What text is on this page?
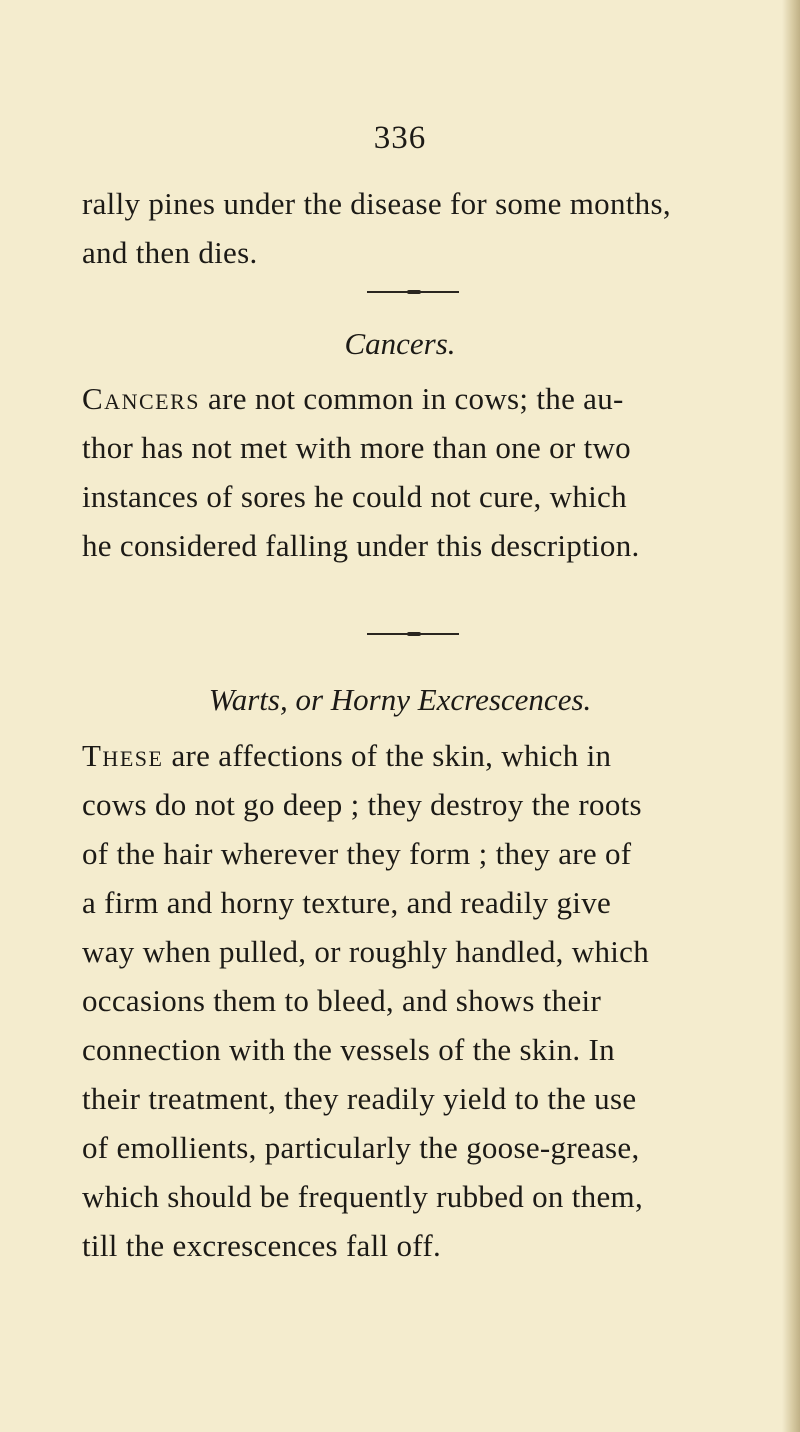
336
rally pines under the disease for some months,
and then dies.
Cancers.
Cancers are not common in cows; the au-
thor has not met with more than one or two
instances of sores he could not cure, which
he considered falling under this description.
Warts, or Horny Excrescences.
These are affections of the skin, which in
cows do not go deep ; they destroy the roots
of the hair wherever they form ; they are of
a firm and horny texture, and readily give
way when pulled, or roughly handled, which
occasions them to bleed, and shows their
connection with the vessels of the skin. In
their treatment, they readily yield to the use
of emollients, particularly the goose-grease,
which should be frequently rubbed on them,
till the excrescences fall off.
